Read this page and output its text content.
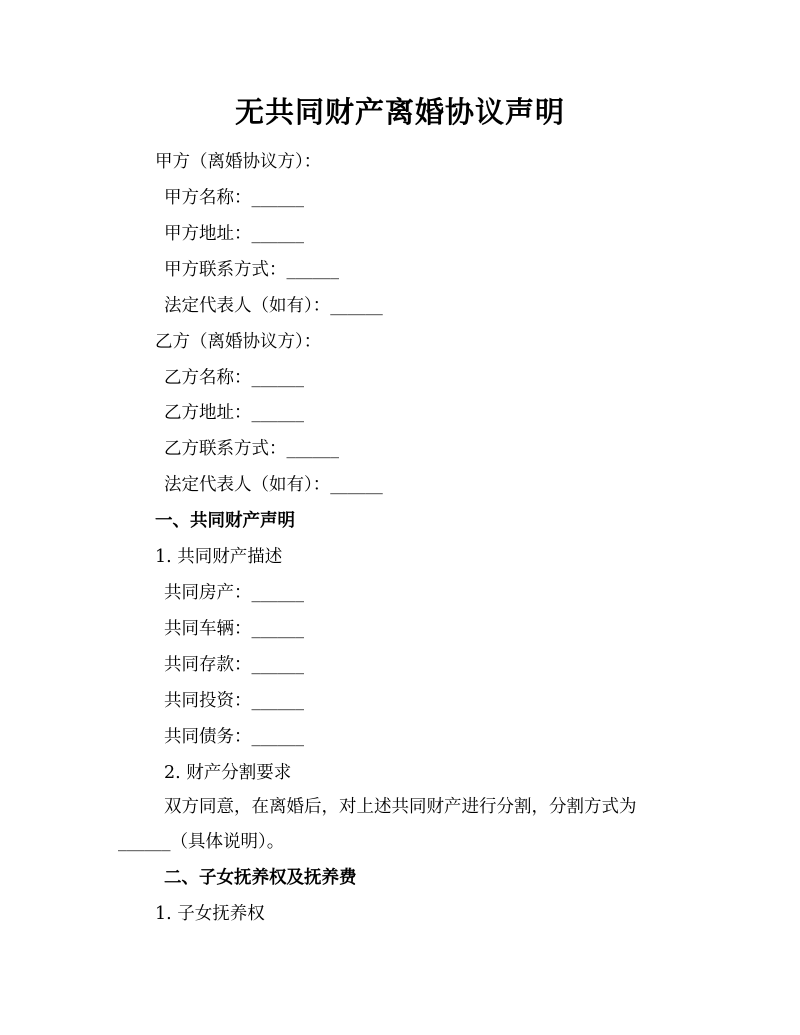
无共同财产离婚协议声明
甲方（离婚协议方）：
甲方名称：______
甲方地址：______
甲方联系方式：______
法定代表人（如有）：______
乙方（离婚协议方）：
乙方名称：______
乙方地址：______
乙方联系方式：______
法定代表人（如有）：______
一、共同财产声明
1. 共同财产描述
共同房产：______
共同车辆：______
共同存款：______
共同投资：______
共同债务：______
2. 财产分割要求
双方同意，在离婚后，对上述共同财产进行分割，分割方式为
______（具体说明）。
二、子女抚养权及抚养费
1. 子女抚养权
